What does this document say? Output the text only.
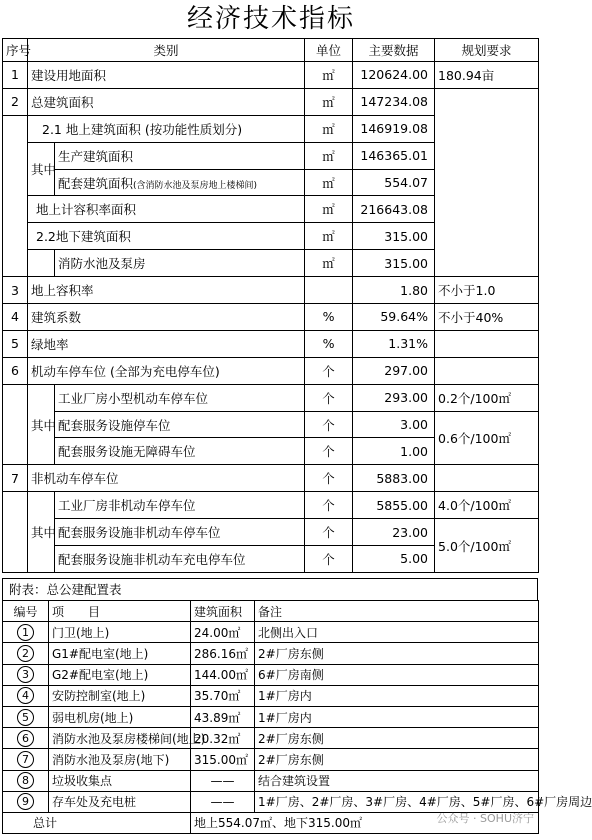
经济技术指标
序号	类别		单位	主要数据	规划要求
1	建设用地面积		㎡	120624.00	180.94亩
2	总建筑面积		㎡	147234.08	
	2.1 地上建筑面积 (按功能性质划分)		㎡	146919.08	
	其中	生产建筑面积	㎡	146365.01	
		配套建筑面积(含消防水池及泵房地上楼梯间)	㎡	554.07	
	地上计容积率面积		㎡	216643.08	
	2.2地下建筑面积		㎡	315.00	
		消防水池及泵房	㎡	315.00	
3	地上容积率			1.80	不小于1.0
4	建筑系数		%	59.64%	不小于40%
5	绿地率		%	1.31%	
6	机动车停车位 (全部为充电停车位)		个	297.00	
	其中	工业厂房小型机动车停车位	个	293.00	0.2个/100㎡
		配套服务设施停车位	个	3.00	0.6个/100㎡
		配套服务设施无障碍车位	个	1.00	
7	非机动车停车位		个	5883.00	
	其中	工业厂房非机动车停车位	个	5855.00	4.0个/100㎡
		配套服务设施非机动车停车位	个	23.00	5.0个/100㎡
		配套服务设施非机动车充电停车位	个	5.00	
附表：总公建配置表
编号	项　　目	建筑面积	备注
1	门卫(地上)	24.00㎡	北侧出入口
2	G1#配电室(地上)	286.16㎡	2#厂房东侧
3	G2#配电室(地上)	144.00㎡	6#厂房南侧
4	安防控制室(地上)	35.70㎡	1#厂房内
5	弱电机房(地上)	43.89㎡	1#厂房内
6	消防水池及泵房楼梯间(地上)	20.32㎡	2#厂房东侧
7	消防水池及泵房(地下)	315.00㎡	2#厂房东侧
8	垃圾收集点	——	结合建筑设置
9	存车处及充电桩	——	1#厂房、2#厂房、3#厂房、4#厂房、5#厂房、6#厂房周边
总计		地上554.07㎡、地下315.00㎡		公众号 · SOHU济宁
